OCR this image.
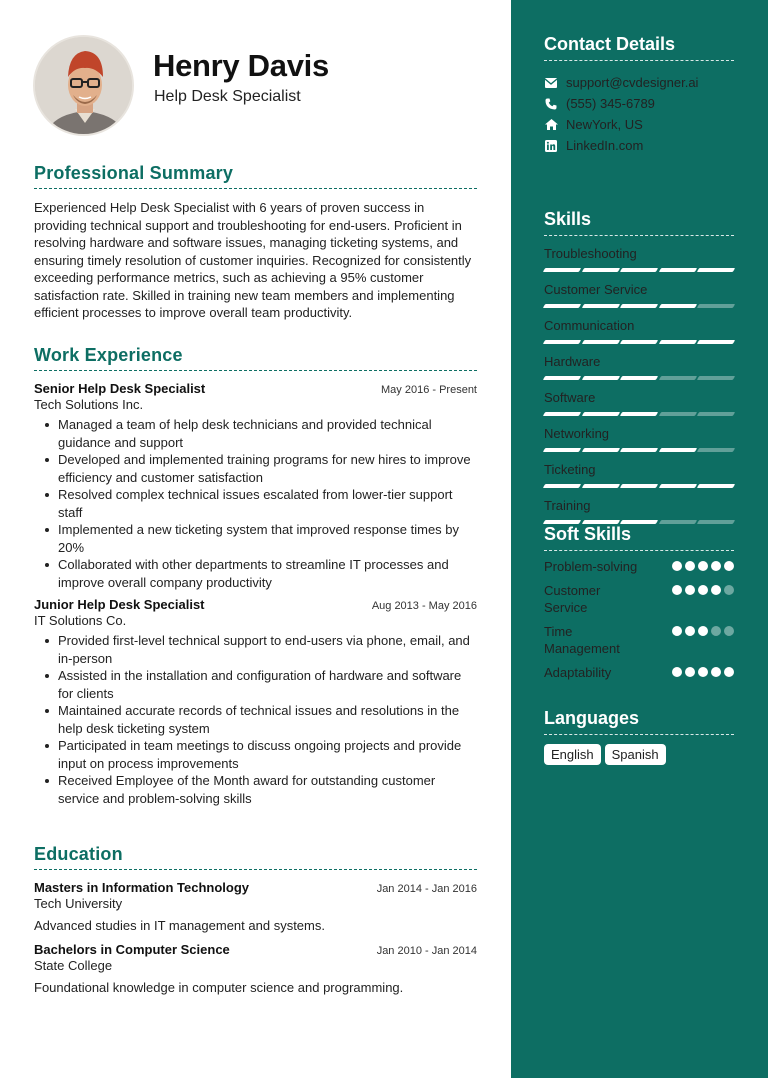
Henry Davis
Help Desk Specialist
Professional Summary
Experienced Help Desk Specialist with 6 years of proven success in providing technical support and troubleshooting for end-users. Proficient in resolving hardware and software issues, managing ticketing systems, and ensuring timely resolution of customer inquiries. Recognized for consistently exceeding performance metrics, such as achieving a 95% customer satisfaction rate. Skilled in training new team members and implementing efficient processes to improve overall team productivity.
Work Experience
Senior Help Desk Specialist	May 2016 - Present
Tech Solutions Inc.
Managed a team of help desk technicians and provided technical guidance and support
Developed and implemented training programs for new hires to improve efficiency and customer satisfaction
Resolved complex technical issues escalated from lower-tier support staff
Implemented a new ticketing system that improved response times by 20%
Collaborated with other departments to streamline IT processes and improve overall company productivity
Junior Help Desk Specialist	Aug 2013 - May 2016
IT Solutions Co.
Provided first-level technical support to end-users via phone, email, and in-person
Assisted in the installation and configuration of hardware and software for clients
Maintained accurate records of technical issues and resolutions in the help desk ticketing system
Participated in team meetings to discuss ongoing projects and provide input on process improvements
Received Employee of the Month award for outstanding customer service and problem-solving skills
Education
Masters in Information Technology	Jan 2014 - Jan 2016
Tech University
Advanced studies in IT management and systems.
Bachelors in Computer Science	Jan 2010 - Jan 2014
State College
Foundational knowledge in computer science and programming.
Contact Details
support@cvdesigner.ai
(555) 345-6789
NewYork, US
LinkedIn.com
Skills
Troubleshooting
Customer Service
Communication
Hardware
Software
Networking
Ticketing
Training
Soft Skills
Problem-solving
Customer Service
Time Management
Adaptability
Languages
English	Spanish
